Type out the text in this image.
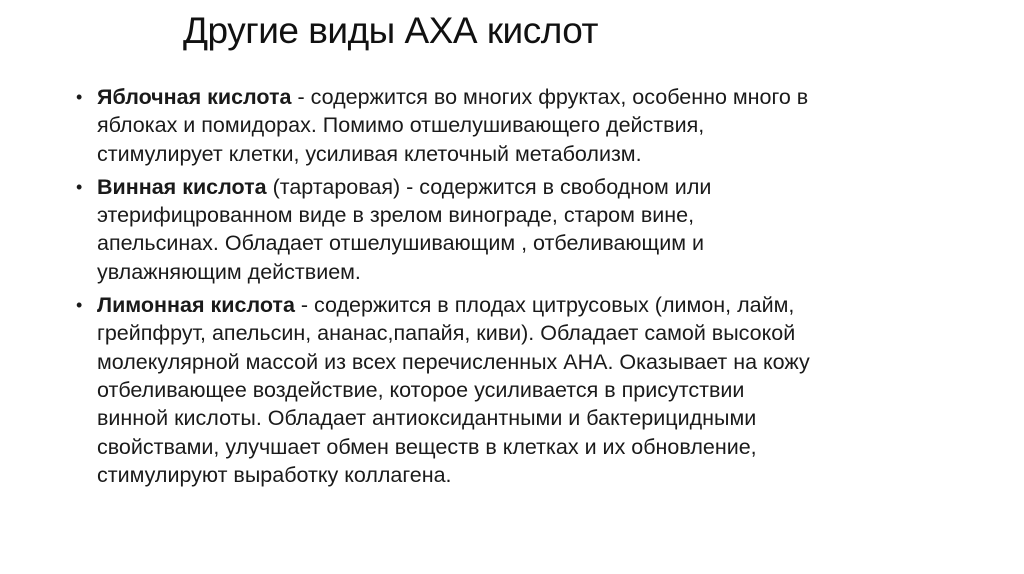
Другие виды АХА кислот
• Яблочная кислота - содержится во многих фруктах, особенно много в
яблоках и помидорах. Помимо отшелушивающего действия,
стимулирует клетки, усиливая клеточный метаболизм.
• Винная кислота (тартаровая) - содержится в свободном или
этерифицрованном виде в зрелом винограде, старом вине,
апельсинах. Обладает отшелушивающим , отбеливающим и
увлажняющим действием.
• Лимонная кислота - содержится в плодах цитрусовых (лимон, лайм,
грейпфрут, апельсин, ананас,папайя, киви). Обладает самой высокой
молекулярной массой из всех перечисленных АНА. Оказывает на кожу
отбеливающее воздействие, которое усиливается в присутствии
винной кислоты. Обладает антиоксидантными и бактерицидными
свойствами, улучшает обмен веществ в клетках и их обновление,
стимулируют выработку коллагена.
